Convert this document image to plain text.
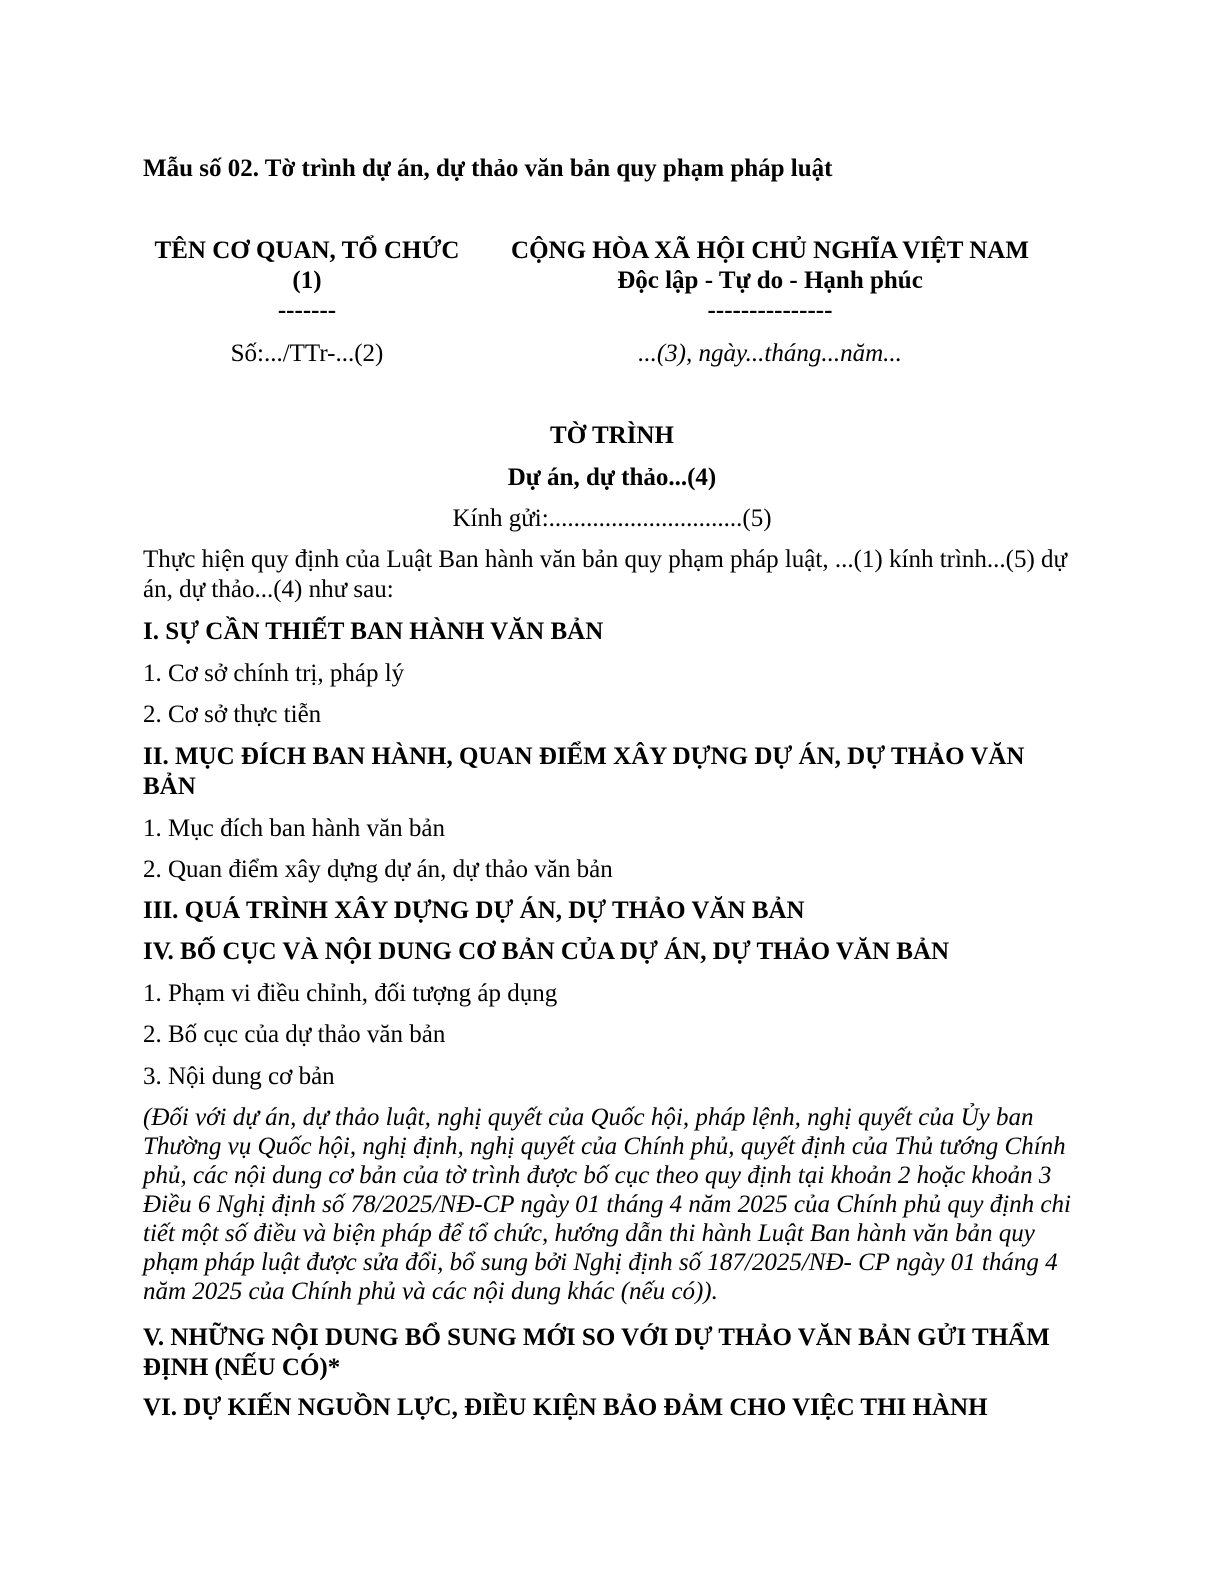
Mẫu số 02. Tờ trình dự án, dự thảo văn bản quy phạm pháp luật
TÊN CƠ QUAN, TỔ CHỨC
(1)
-------
Số:.../TTr-...(2)
CỘNG HÒA XÃ HỘI CHỦ NGHĨA VIỆT NAM
Độc lập - Tự do - Hạnh phúc
---------------
...(3), ngày...tháng...năm...
TỜ TRÌNH
Dự án, dự thảo...(4)
Kính gửi:...............................(5)
Thực hiện quy định của Luật Ban hành văn bản quy phạm pháp luật, ...(1) kính trình...(5) dự án, dự thảo...(4) như sau:
I. SỰ CẦN THIẾT BAN HÀNH VĂN BẢN
1. Cơ sở chính trị, pháp lý
2. Cơ sở thực tiễn
II. MỤC ĐÍCH BAN HÀNH, QUAN ĐIỂM XÂY DỰNG DỰ ÁN, DỰ THẢO VĂN BẢN
1. Mục đích ban hành văn bản
2. Quan điểm xây dựng dự án, dự thảo văn bản
III. QUÁ TRÌNH XÂY DỰNG DỰ ÁN, DỰ THẢO VĂN BẢN
IV. BỐ CỤC VÀ NỘI DUNG CƠ BẢN CỦA DỰ ÁN, DỰ THẢO VĂN BẢN
1. Phạm vi điều chỉnh, đối tượng áp dụng
2. Bố cục của dự thảo văn bản
3. Nội dung cơ bản
(Đối với dự án, dự thảo luật, nghị quyết của Quốc hội, pháp lệnh, nghị quyết của Ủy ban Thường vụ Quốc hội, nghị định, nghị quyết của Chính phủ, quyết định của Thủ tướng Chính phủ, các nội dung cơ bản của tờ trình được bố cục theo quy định tại khoản 2 hoặc khoản 3 Điều 6 Nghị định số 78/2025/NĐ-CP ngày 01 tháng 4 năm 2025 của Chính phủ quy định chi tiết một số điều và biện pháp để tổ chức, hướng dẫn thi hành Luật Ban hành văn bản quy phạm pháp luật được sửa đổi, bổ sung bởi Nghị định số 187/2025/NĐ- CP ngày 01 tháng 4 năm 2025 của Chính phủ và các nội dung khác (nếu có)).
V. NHỮNG NỘI DUNG BỔ SUNG MỚI SO VỚI DỰ THẢO VĂN BẢN GỬI THẨM ĐỊNH (NẾU CÓ)*
VI. DỰ KIẾN NGUỒN LỰC, ĐIỀU KIỆN BẢO ĐẢM CHO VIỆC THI HÀNH
